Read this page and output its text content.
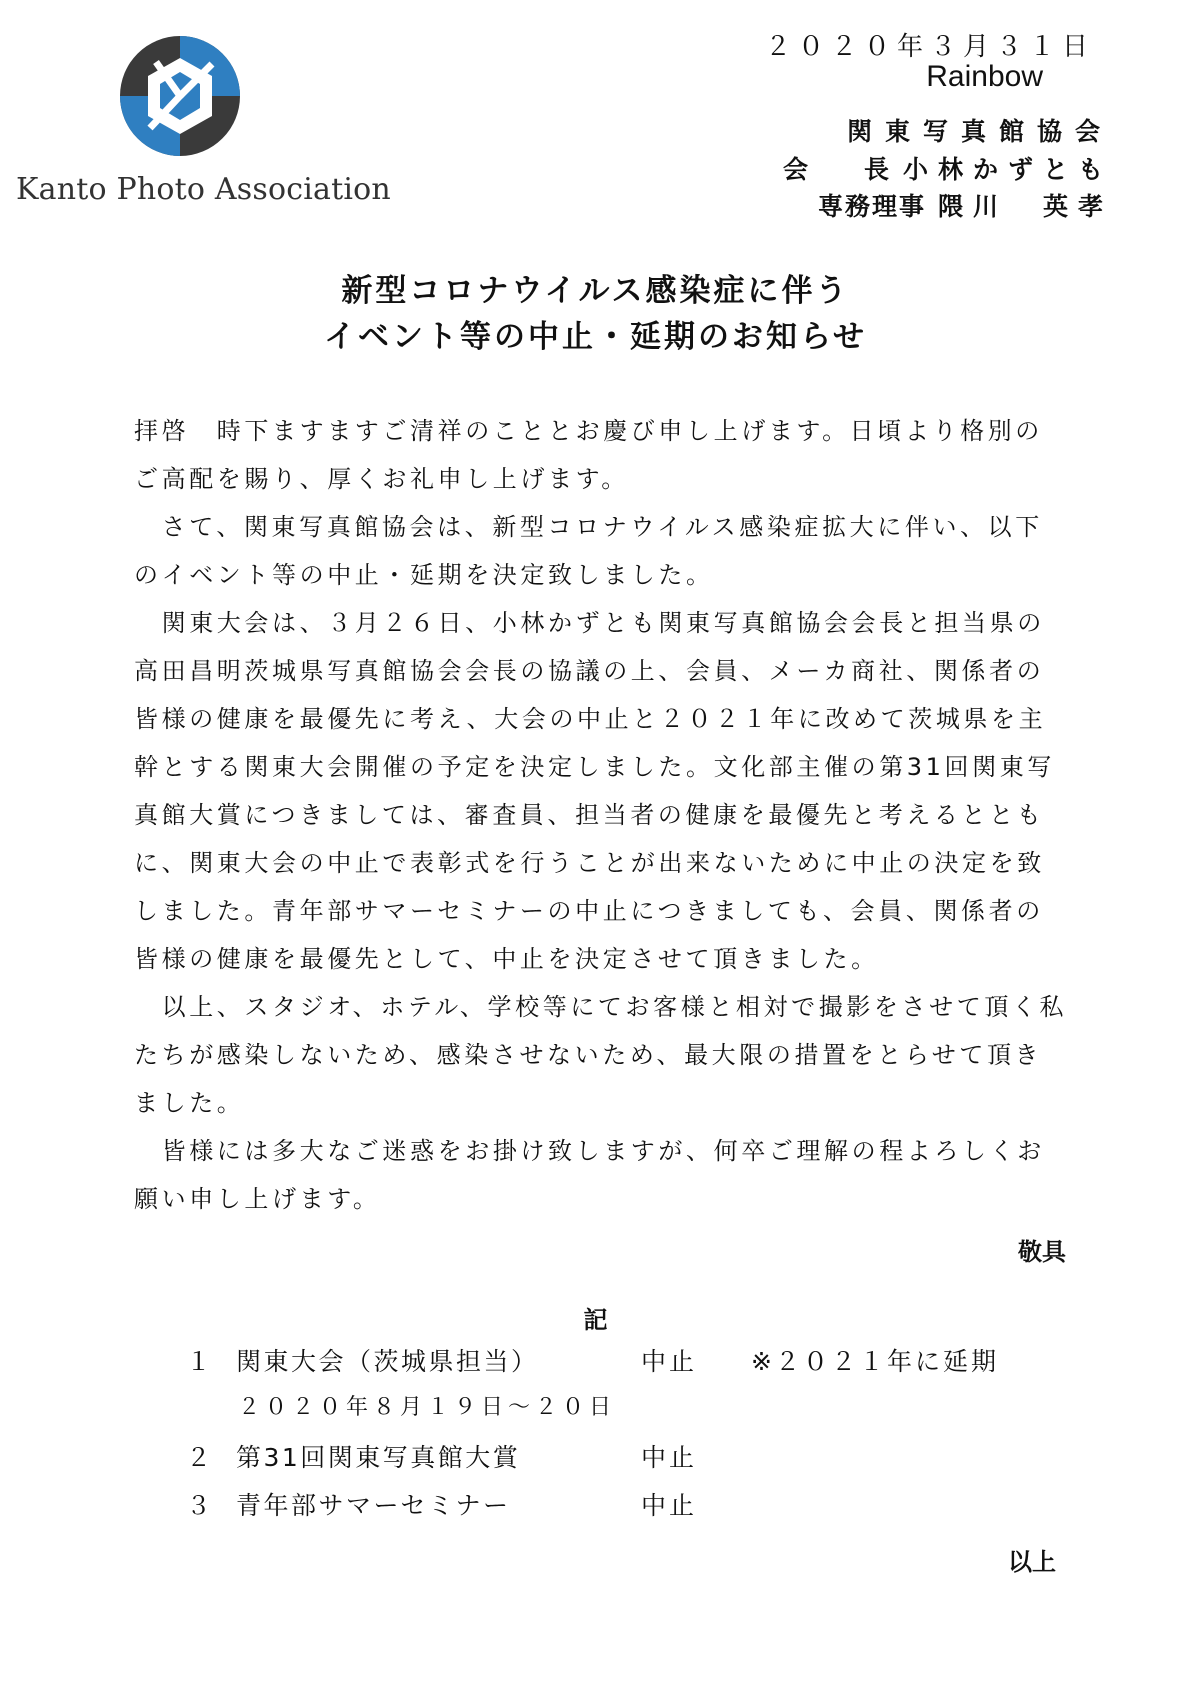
Kanto Photo Association
２０２０年３月３１日
Rainbow
関東写真館協会
会　　長 小林かずとも
専務理事 隈川　英孝
新型コロナウイルス感染症に伴う
イベント等の中止・延期のお知らせ

拝啓　時下ますますご清祥のこととお慶び申し上げます。日頃より格別のご高配を賜り、厚くお礼申し上げます。

　さて、関東写真館協会は、新型コロナウイルス感染症拡大に伴い、以下のイベント等の中止・延期を決定致しました。

　関東大会は、３月２６日、小林かずとも関東写真館協会会長と担当県の高田昌明茨城県写真館協会会長の協議の上、会員、メーカ商社、関係者の皆様の健康を最優先に考え、大会の中止と２０２１年に改めて茨城県を主幹とする関東大会開催の予定を決定しました。文化部主催の第31回関東写真館大賞につきましては、審査員、担当者の健康を最優先と考えるとともに、関東大会の中止で表彰式を行うことが出来ないために中止の決定を致しました。青年部サマーセミナーの中止につきましても、会員、関係者の皆様の健康を最優先として、中止を決定させて頂きました。

　以上、スタジオ、ホテル、学校等にてお客様と相対で撮影をさせて頂く私たちが感染しないため、感染させないため、最大限の措置をとらせて頂きました。

　皆様には多大なご迷惑をお掛け致しますが、何卒ご理解の程よろしくお願い申し上げます。

敬具
記
１ 関東大会（茨城県担当）	中止 ※２０２１年に延期
２０２０年８月１９日～２０日
２ 第31回関東写真館大賞	中止
３ 青年部サマーセミナー	中止
以上
